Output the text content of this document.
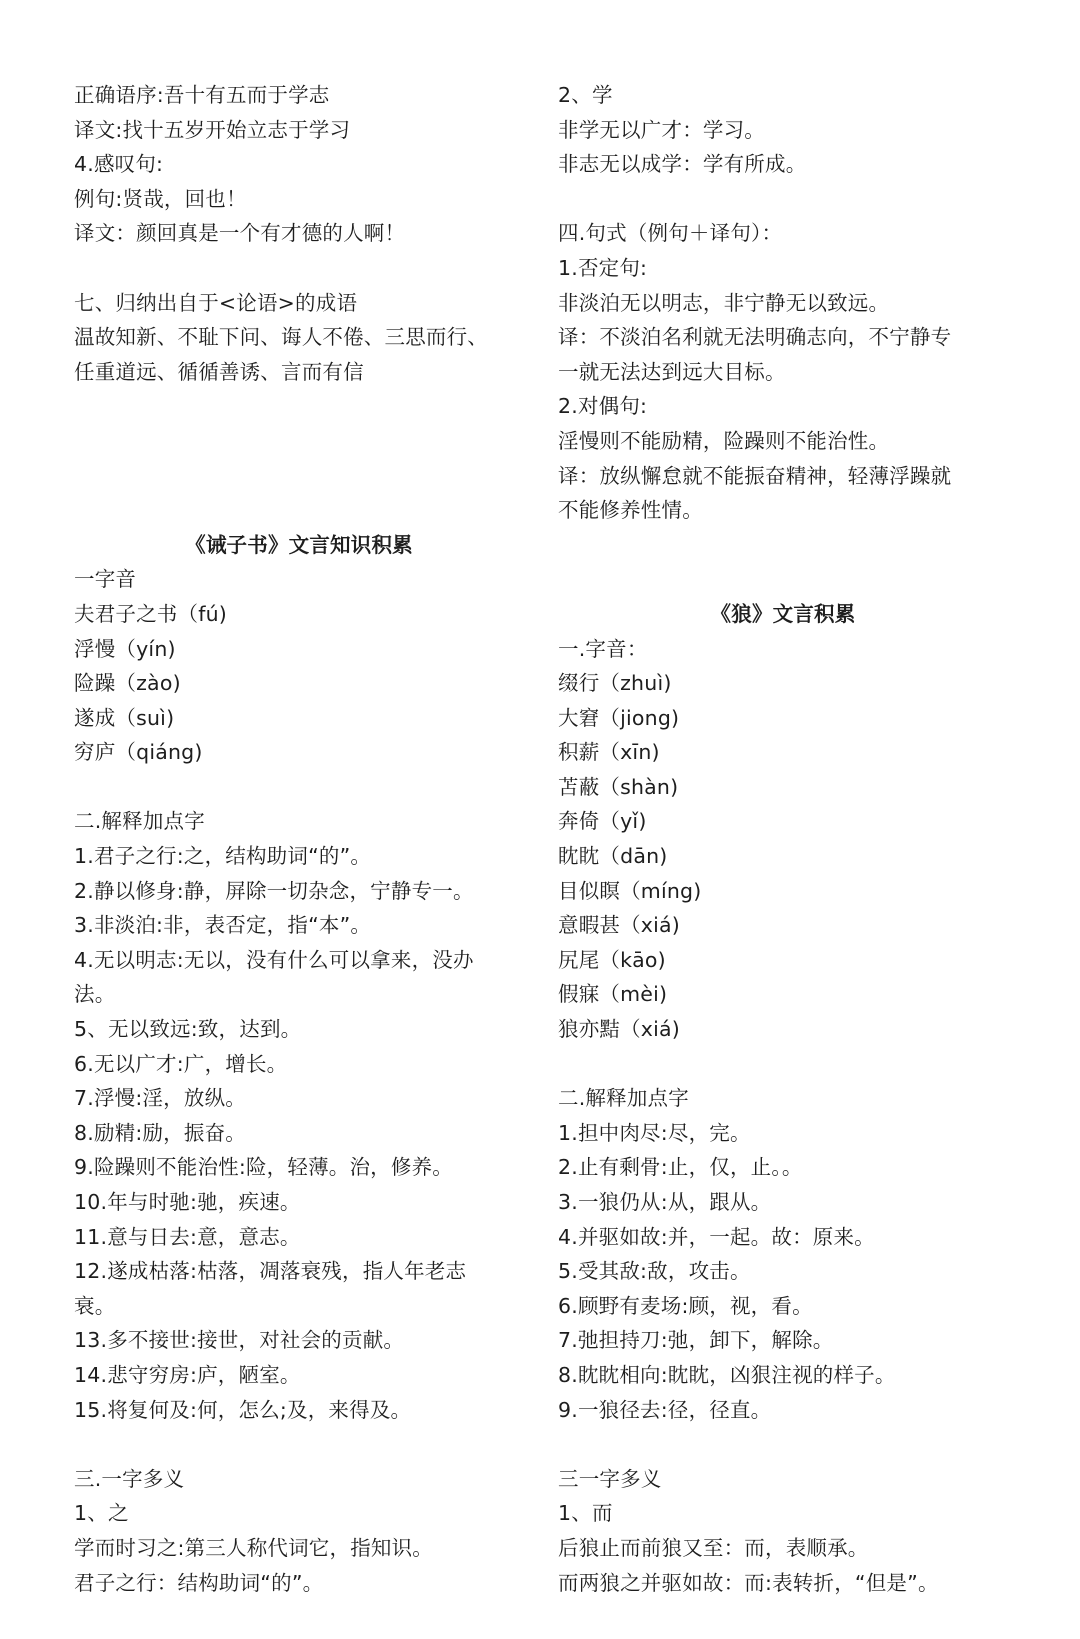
正确语序:吾十有五而于学志
译文:找十五岁开始立志于学习
4.感叹句:
例句:贤哉，回也！
译文：颜回真是一个有才德的人啊！
七、归纳出自于<论语>的成语
温故知新、不耻下问、诲人不倦、三思而行、
任重道远、循循善诱、言而有信
《诫子书》文言知识积累
一字音
夫君子之书（fú)
浮慢（yín)
险躁（zào)
遂成（suì)
穷庐（qiáng)
二.解释加点字
1.君子之行:之，结构助词“的”。
2.静以修身:静，屏除一切杂念，宁静专一。
3.非淡泊:非，表否定，指“本”。
4.无以明志:无以，没有什么可以拿来，没办
法。
5、无以致远:致，达到。
6.无以广才:广，增长。
7.浮慢:淫，放纵。
8.励精:励，振奋。
9.险躁则不能治性:险，轻薄。治，修养。
10.年与时驰:驰，疾速。
11.意与日去:意，意志。
12.遂成枯落:枯落，凋落衰残，指人年老志
衰。
13.多不接世:接世，对社会的贡献。
14.悲守穷房:庐，陋室。
15.将复何及:何，怎么;及，来得及。
三.一字多义
1、之
学而时习之:第三人称代词它，指知识。
君子之行：结构助词“的”。
2、学
非学无以广才：学习。
非志无以成学：学有所成。
四.句式（例句＋译句）：
1.否定句:
非淡泊无以明志，非宁静无以致远。
译：不淡泊名利就无法明确志向，不宁静专
一就无法达到远大目标。
2.对偶句:
淫慢则不能励精，险躁则不能治性。
译：放纵懈怠就不能振奋精神，轻薄浮躁就
不能修养性情。
《狼》文言积累
一.字音：
缀行（zhuì)
大窘（jiong)
积薪（xīn)
苫蔽（shàn)
奔倚（yǐ)
眈眈（dān)
目似瞑（míng)
意暇甚（xiá)
尻尾（kāo)
假寐（mèi)
狼亦黠（xiá)
二.解释加点字
1.担中肉尽:尽，完。
2.止有剩骨:止，仅，止。。
3.一狼仍从:从，跟从。
4.并驱如故:并，一起。故：原来。
5.受其敌:敌，攻击。
6.顾野有麦场:顾，视，看。
7.弛担持刀:弛，卸下，解除。
8.眈眈相向:眈眈，凶狠注视的样子。
9.一狼径去:径，径直。
三一字多义
1、而
后狼止而前狼又至：而，表顺承。
而两狼之并驱如故：而:表转折，“但是”。
